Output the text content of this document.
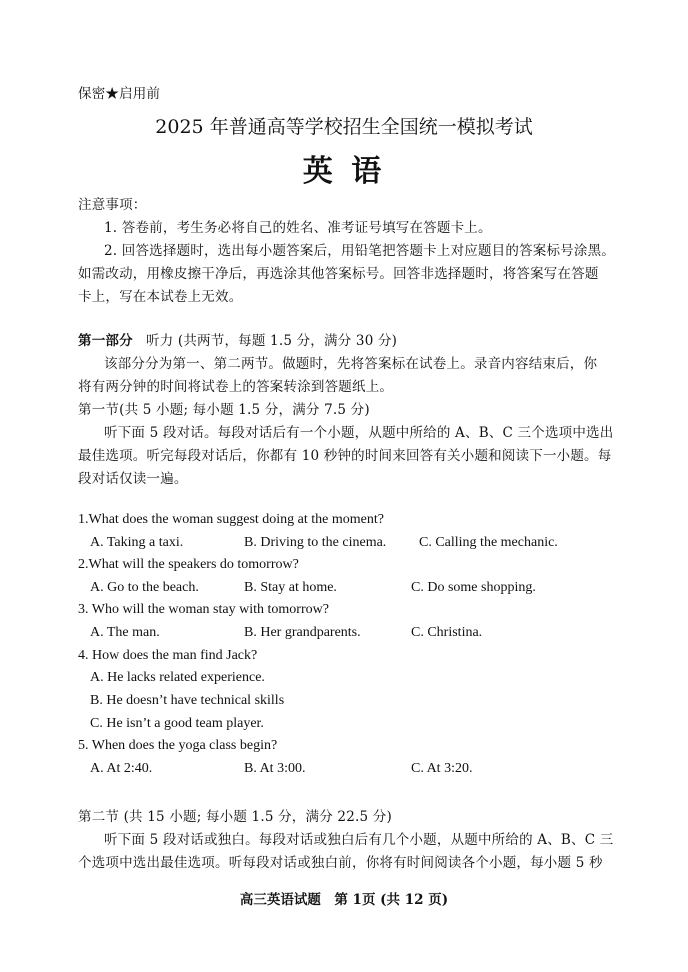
保密★启用前
2025 年普通高等学校招生全国统一模拟考试
英 语
注意事项：
1. 答卷前，考生务必将自己的姓名、准考证号填写在答题卡上。
2. 回答选择题时，选出每小题答案后，用铅笔把答题卡上对应题目的答案标号涂黑。
如需改动，用橡皮擦干净后，再选涂其他答案标号。回答非选择题时，将答案写在答题
卡上，写在本试卷上无效。
第一部分 听力 (共两节，每题 1.5 分，满分 30 分)
该部分分为第一、第二两节。做题时，先将答案标在试卷上。录音内容结束后，你
将有两分钟的时间将试卷上的答案转涂到答题纸上。
第一节(共 5 小题; 每小题 1.5 分，满分 7.5 分)
听下面 5 段对话。每段对话后有一个小题，从题中所给的 A、B、C 三个选项中选出
最佳选项。听完每段对话后，你都有 10 秒钟的时间来回答有关小题和阅读下一小题。每
段对话仅读一遍。
1.What does the woman suggest doing at the moment?
A. Taking a taxi.	B. Driving to the cinema. C. Calling the mechanic.
2.What will the speakers do tomorrow?
A. Go to the beach.	B. Stay at home.	C. Do some shopping.
3. Who will the woman stay with tomorrow?
A. The man.	B. Her grandparents.	C. Christina.
4. How does the man find Jack?
A. He lacks related experience.
B. He doesn’t have technical skills
C. He isn’t a good team player.
5. When does the yoga class begin?
A. At 2:40.	B. At 3:00.	C. At 3:20.
第二节 (共 15 小题; 每小题 1.5 分，满分 22.5 分)
听下面 5 段对话或独白。每段对话或独白后有几个小题，从题中所给的 A、B、C 三
个选项中选出最佳选项。听每段对话或独白前，你将有时间阅读各个小题，每小题 5 秒
高三英语试题　第 1页 (共 12 页)
